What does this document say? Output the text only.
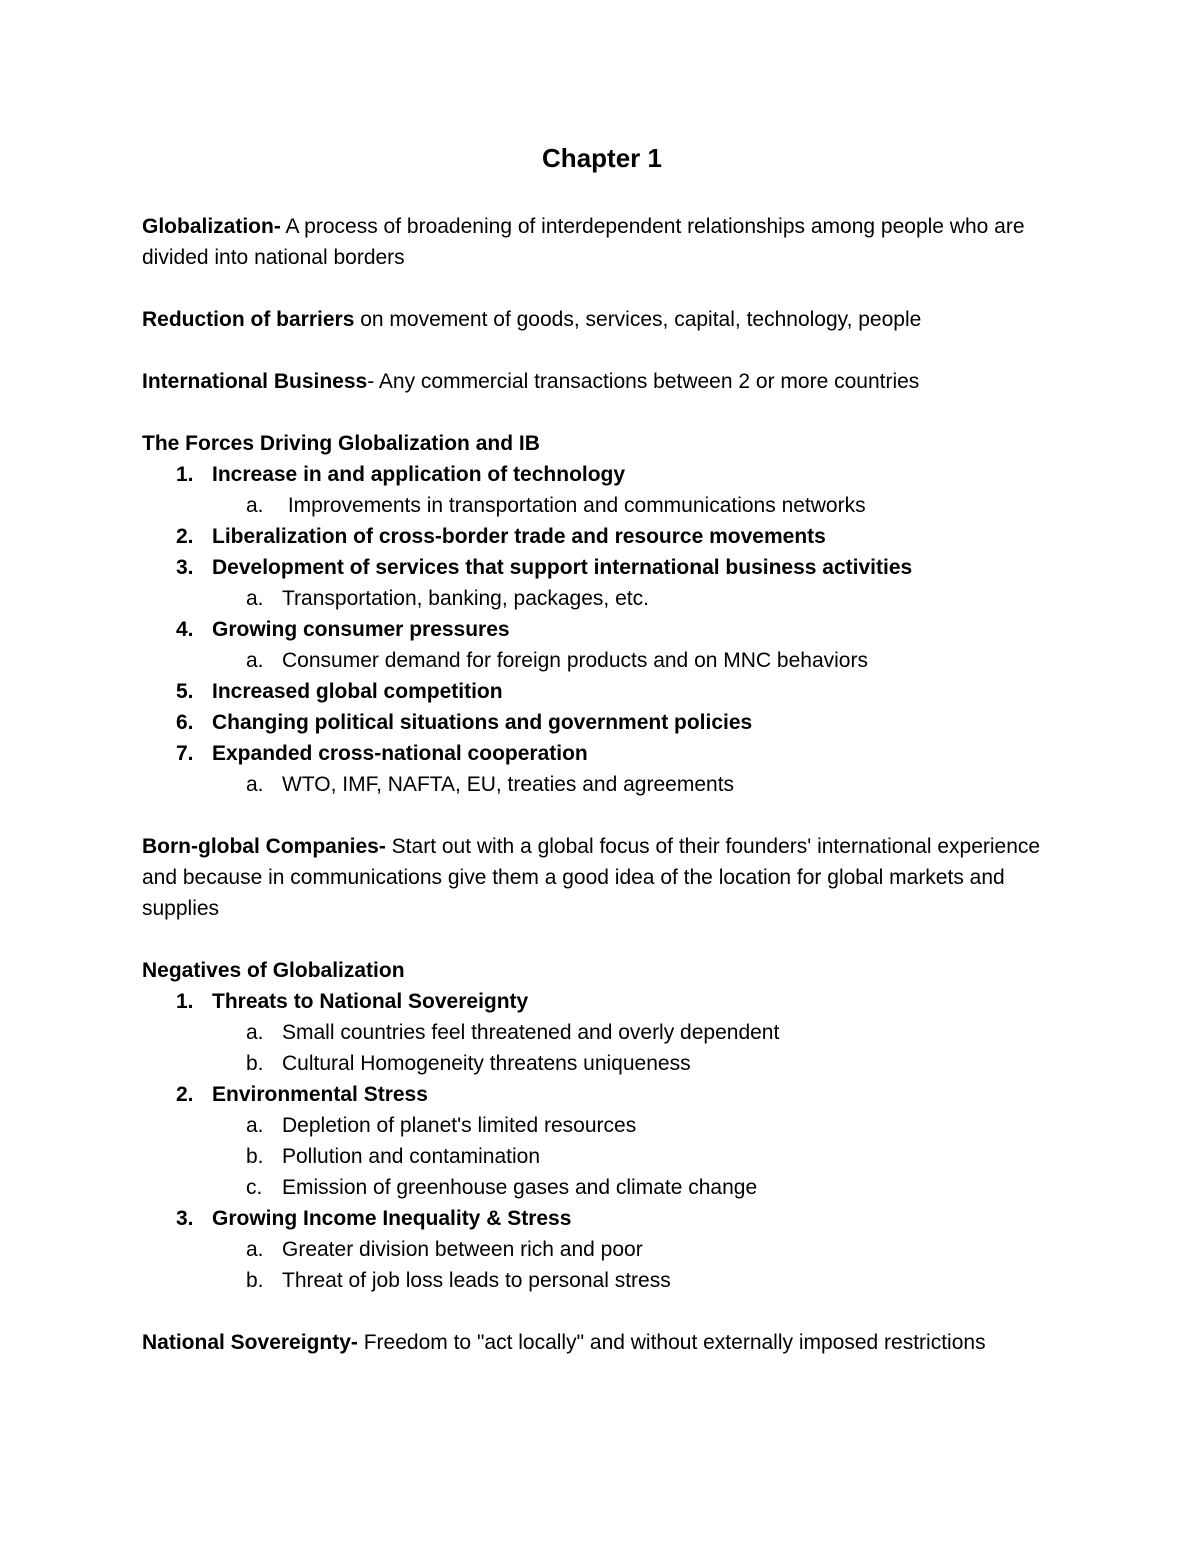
Chapter 1

Globalization- A process of broadening of interdependent relationships among people who are divided into national borders

Reduction of barriers on movement of goods, services, capital, technology, people

International Business- Any commercial transactions between 2 or more countries

The Forces Driving Globalization and IB
1. Increase in and application of technology
a. Improvements in transportation and communications networks
2. Liberalization of cross-border trade and resource movements
3. Development of services that support international business activities
a. Transportation, banking, packages, etc.
4. Growing consumer pressures
a. Consumer demand for foreign products and on MNC behaviors
5. Increased global competition
6. Changing political situations and government policies
7. Expanded cross-national cooperation
a. WTO, IMF, NAFTA, EU, treaties and agreements

Born-global Companies- Start out with a global focus of their founders' international experience and because in communications give them a good idea of the location for global markets and supplies

Negatives of Globalization
1. Threats to National Sovereignty
a. Small countries feel threatened and overly dependent
b. Cultural Homogeneity threatens uniqueness
2. Environmental Stress
a. Depletion of planet's limited resources
b. Pollution and contamination
c. Emission of greenhouse gases and climate change
3. Growing Income Inequality & Stress
a. Greater division between rich and poor
b. Threat of job loss leads to personal stress

National Sovereignty- Freedom to "act locally" and without externally imposed restrictions
